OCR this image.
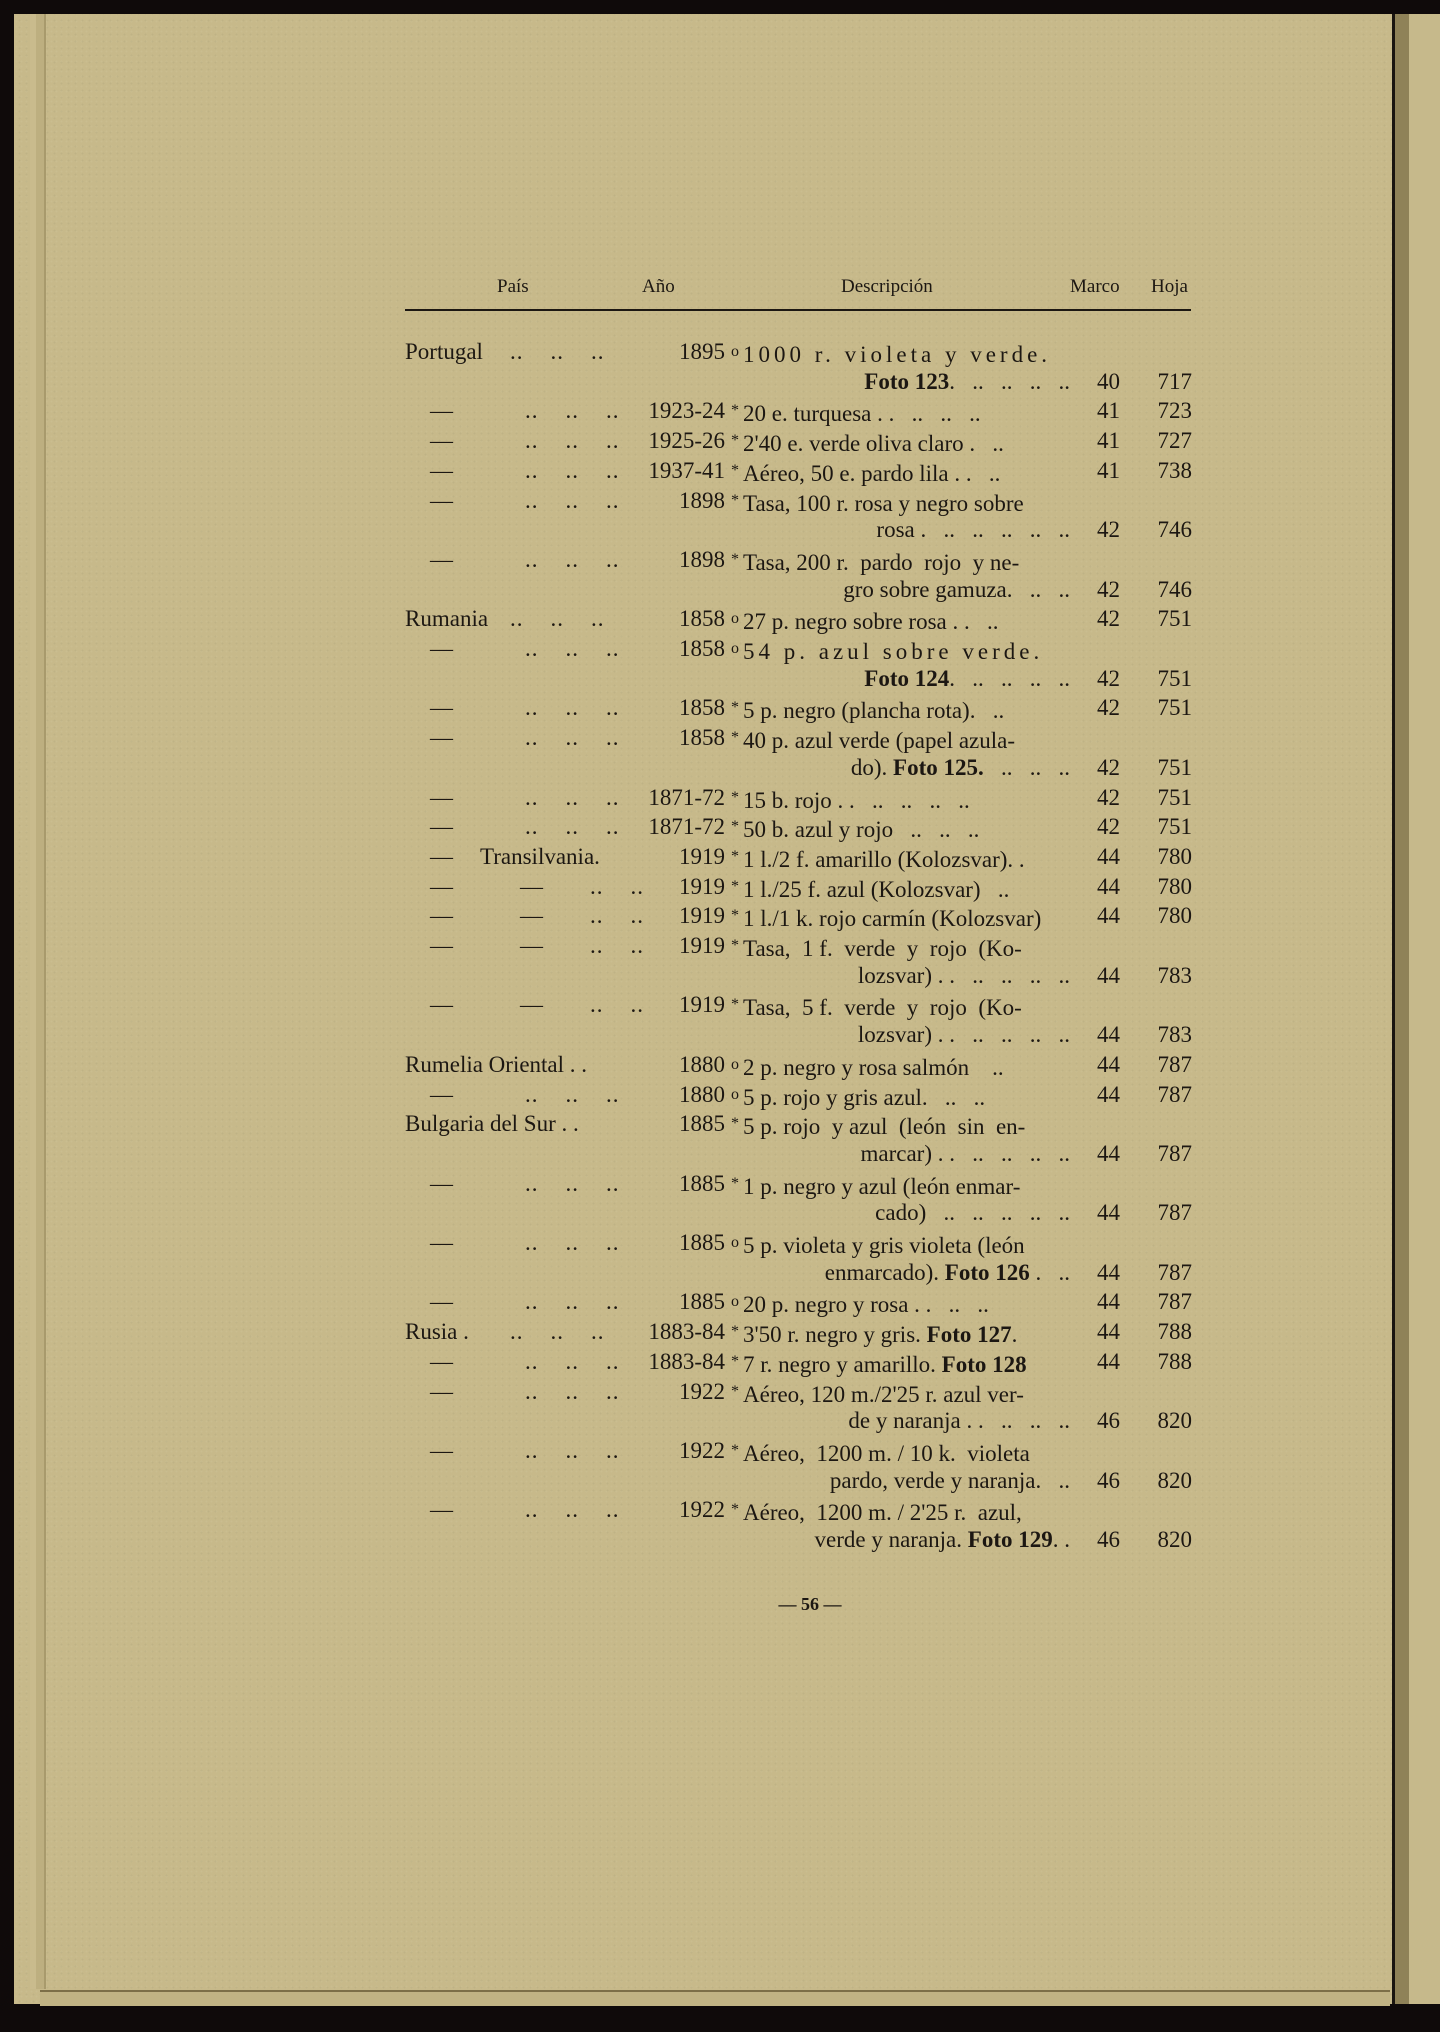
País	Año	Descripción	Marco Hoja
Portugal ..    ..    ..	1895 $^o$ 1000 r. violeta y verde.
Foto 123.   ..   ..   ..   .. 40 717
—	..    ..    .. 1923-24 * 20 e. turquesa . .   ..   ..   ..	41 723
—	..    ..    .. 1925-26 * 2'40 e. verde oliva claro .   ..	41 727
—	..    ..    .. 1937-41 * Aéreo, 50 e. pardo lila . .   ..	41 738
—	..    ..    ..	1898 * Tasa, 100 r. rosa y negro sobre
rosa .   ..   ..   ..   ..   .. 42 746
—	..    ..    ..	1898 * Tasa, 200 r.  pardo  rojo  y ne-
gro sobre gamuza.   ..   .. 42 746
Rumania ..    ..    ..	1858 $^o$ 27 p. negro sobre rosa . .   ..	42 751
—	..    ..    ..	1858 $^o$ 54 p. azul sobre verde.
Foto 124.   ..   ..   ..   .. 42 751
—	..    ..    ..	1858 * 5 p. negro (plancha rota).   ..	42 751
—	..    ..    ..	1858 * 40 p. azul verde (papel azula-
do). Foto 125.   ..   ..   .. 42 751
—	..    ..    .. 1871-72 * 15 b. rojo . .   ..   ..   ..   ..	42 751
—	..    ..    .. 1871-72 * 50 b. azul y rojo   ..   ..   ..	42 751
— Transilvania.	1919 * 1 l./2 f. amarillo (Kolozsvar). .	44 780
—	— ..    .. 1919 * 1 l./25 f. azul (Kolozsvar)   ..	44 780
—	— ..    .. 1919 * 1 l./1 k. rojo carmín (Kolozsvar) 44 780
—	— ..    .. 1919 * Tasa,  1 f.  verde  y  rojo  (Ko-
lozsvar) . .   ..   ..   ..   .. 44 783
—	— ..    .. 1919 * Tasa,  5 f.  verde  y  rojo  (Ko-
lozsvar) . .   ..   ..   ..   .. 44 783
Rumelia Oriental . .	1880 $^o$ 2 p. negro y rosa salmón    ..	44 787
—	..    ..    ..	1880 $^o$ 5 p. rojo y gris azul.   ..   ..	44 787
Bulgaria del Sur . .	1885 * 5 p. rojo  y azul  (león  sin  en-
marcar) . .   ..   ..   ..   .. 44 787
—	..    ..    ..	1885 * 1 p. negro y azul (león enmar-
cado)   ..   ..   ..   ..   .. 44 787
—	..    ..    ..	1885 $^o$ 5 p. violeta y gris violeta (león
enmarcado). Foto 126 .   .. 44 787
—	..    ..    ..	1885 $^o$ 20 p. negro y rosa . .   ..   ..	44 787
Rusia . ..    ..    .. 1883-84 * 3'50 r. negro y gris. Foto 127.	44 788
—	..    ..    .. 1883-84 * 7 r. negro y amarillo. Foto 128	44 788
—	..    ..    ..	1922 * Aéreo, 120 m./2'25 r. azul ver-
de y naranja . .   ..   ..   .. 46 820
—	..    ..    ..	1922 * Aéreo,  1200 m. / 10 k.  violeta
pardo, verde y naranja.   .. 46 820
—	..    ..    ..	1922 * Aéreo,  1200 m. / 2'25 r.  azul,
verde y naranja. Foto 129. . 46 820
— 56 —
